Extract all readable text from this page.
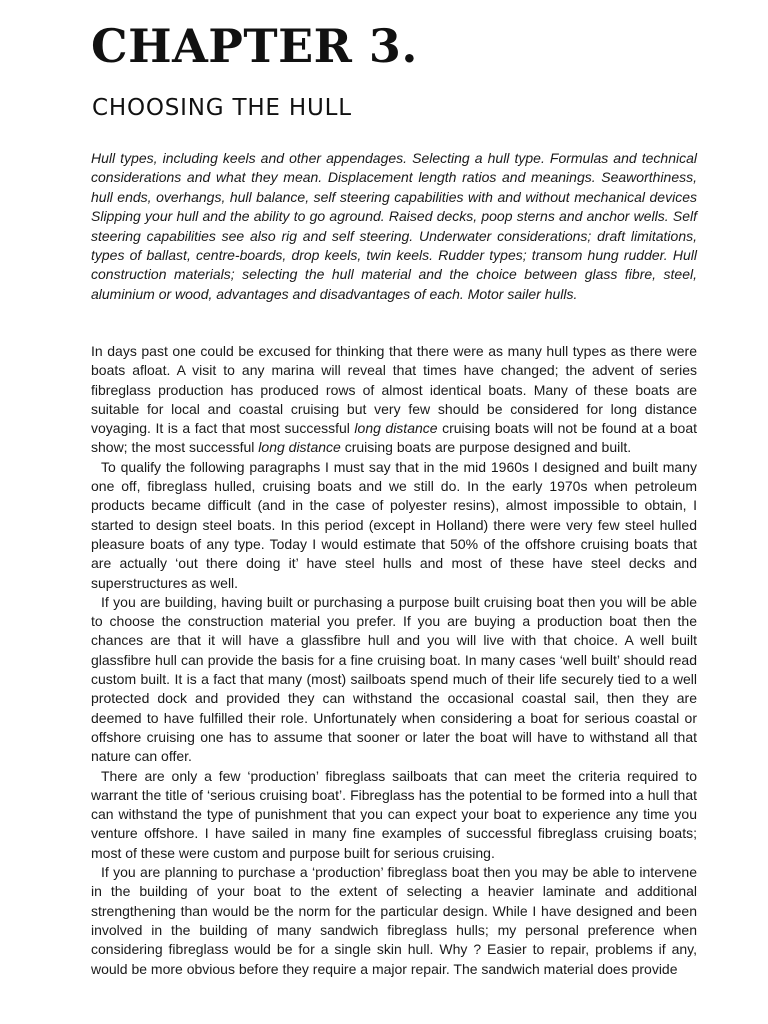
CHAPTER 3.
CHOOSING THE HULL

Hull types, including keels and other appendages. Selecting a hull type. Formulas and technical considerations and what they mean. Displacement length ratios and meanings. Seaworthiness, hull ends, overhangs, hull balance, self steering capabilities with and without mechanical devices Slipping your hull and the ability to go aground. Raised decks, poop sterns and anchor wells. Self steering capabilities see also rig and self steering. Underwater considerations; draft limitations, types of ballast, centre-boards, drop keels, twin keels. Rudder types; transom hung rudder. Hull construction materials; selecting the hull material and the choice between glass fibre, steel, aluminium or wood, advantages and disadvantages of each. Motor sailer hulls.

In days past one could be excused for thinking that there were as many hull types as there were boats afloat. A visit to any marina will reveal that times have changed; the advent of series fibreglass production has produced rows of almost identical boats. Many of these boats are suitable for local and coastal cruising but very few should be considered for long distance voyaging. It is a fact that most successful long distance cruising boats will not be found at a boat show; the most successful long distance cruising boats are purpose designed and built.

To qualify the following paragraphs I must say that in the mid 1960s I designed and built many one off, fibreglass hulled, cruising boats and we still do. In the early 1970s when petroleum products became difficult (and in the case of polyester resins), almost impossible to obtain, I started to design steel boats. In this period (except in Holland) there were very few steel hulled pleasure boats of any type. Today I would estimate that 50% of the offshore cruising boats that are actually ‘out there doing it’ have steel hulls and most of these have steel decks and superstructures as well.

If you are building, having built or purchasing a purpose built cruising boat then you will be able to choose the construction material you prefer. If you are buying a production boat then the chances are that it will have a glassfibre hull and you will live with that choice. A well built glassfibre hull can provide the basis for a fine cruising boat. In many cases ‘well built’ should read custom built. It is a fact that many (most) sailboats spend much of their life securely tied to a well protected dock and provided they can withstand the occasional coastal sail, then they are deemed to have fulfilled their role. Unfortunately when considering a boat for serious coastal or offshore cruising one has to assume that sooner or later the boat will have to withstand all that nature can offer.

There are only a few ‘production’ fibreglass sailboats that can meet the criteria required to warrant the title of ‘serious cruising boat’. Fibreglass has the potential to be formed into a hull that can withstand the type of punishment that you can expect your boat to experience any time you venture offshore. I have sailed in many fine examples of successful fibreglass cruising boats; most of these were custom and purpose built for serious cruising.

If you are planning to purchase a ‘production’ fibreglass boat then you may be able to intervene in the building of your boat to the extent of selecting a heavier laminate and additional strengthening than would be the norm for the particular design. While I have designed and been involved in the building of many sandwich fibreglass hulls; my personal preference when considering fibreglass would be for a single skin hull. Why ? Easier to repair, problems if any, would be more obvious before they require a major repair. The sandwich material does provide
